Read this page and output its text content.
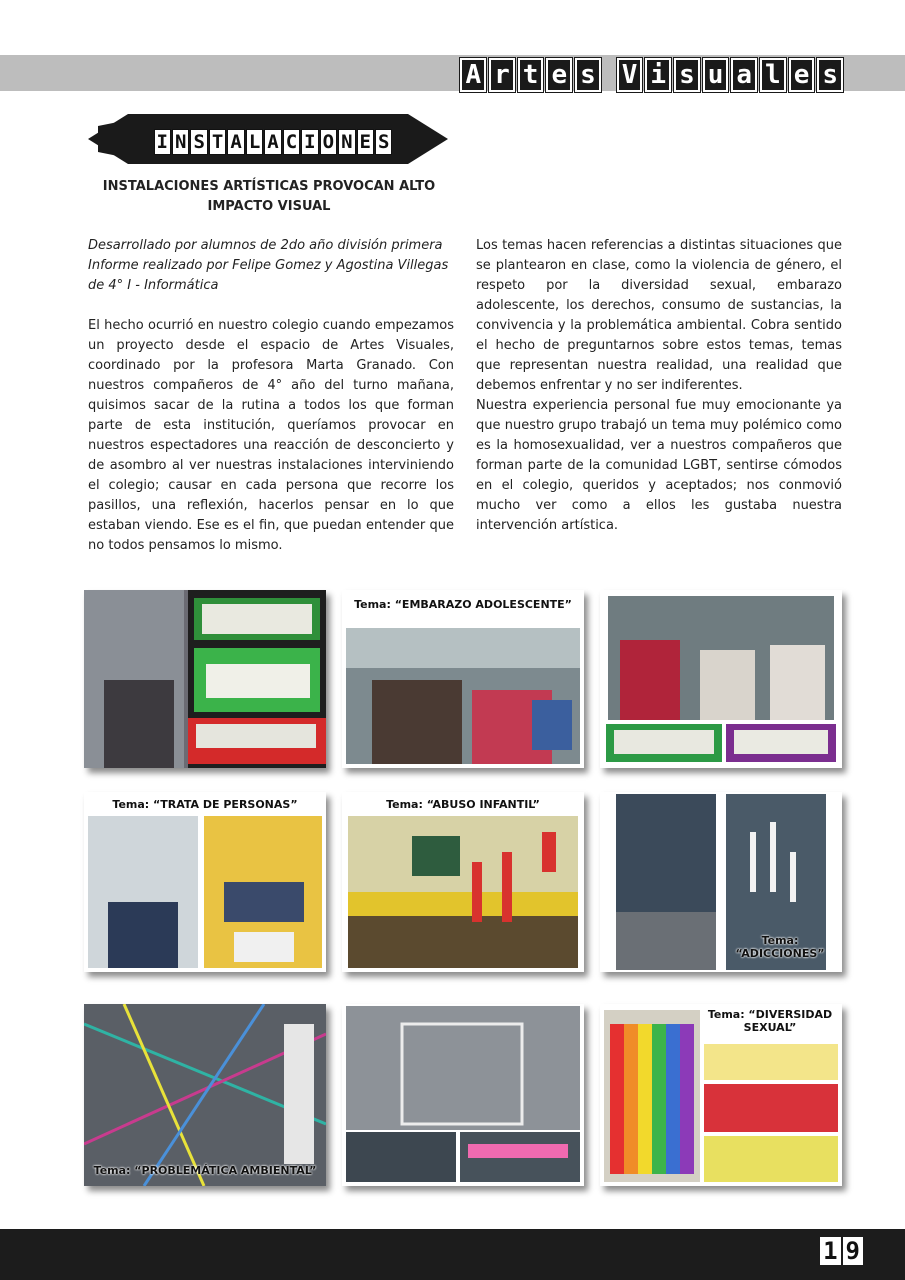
A r t e s V i s u a l e s
I N S T A L A C I O N E S
INSTALACIONES ARTÍSTICAS PROVOCAN ALTO IMPACTO VISUAL

Desarrollado por alumnos de 2do año división primera Informe realizado por Felipe Gomez y Agostina Villegas de 4° I - Informática

El hecho ocurrió en nuestro colegio cuando empezamos un proyecto desde el espacio de Artes Visuales, coordinado por la profesora Marta Granado. Con nuestros compañeros de 4° año del turno mañana, quisimos sacar de la rutina a todos los que forman parte de esta institución, queríamos provocar en nuestros espectadores una reacción de desconcierto y de asombro al ver nuestras instalaciones interviniendo el colegio; causar en cada persona que recorre los pasillos, una reflexión, hacerlos pensar en lo que estaban viendo. Ese es el fin, que puedan entender que no todos pensamos lo mismo.

Los temas hacen referencias a distintas situaciones que se plantearon en clase, como la violencia de género, el respeto por la diversidad sexual, embarazo adolescente, los derechos, consumo de sustancias, la convivencia y la problemática ambiental. Cobra sentido el hecho de preguntarnos sobre estos temas, temas que representan nuestra realidad, una realidad que debemos enfrentar y no ser indiferentes.

Nuestra experiencia personal fue muy emocionante ya que nuestro grupo trabajó un tema muy polémico como es la homosexualidad, ver a nuestros compañeros que forman parte de la comunidad LGBT, sentirse cómodos en el colegio, queridos y aceptados; nos conmovió mucho ver como a ellos les gustaba nuestra intervención artística.

Tema: “EMBARAZO ADOLESCENTE”
Tema: “TRATA DE PERSONAS”	Tema: “ABUSO INFANTIL”
Tema: “ADICCIONES”
Tema: “PROBLEMÁTICA AMBIENTAL”
Tema: “DIVERSIDAD SEXUAL”
1 9
